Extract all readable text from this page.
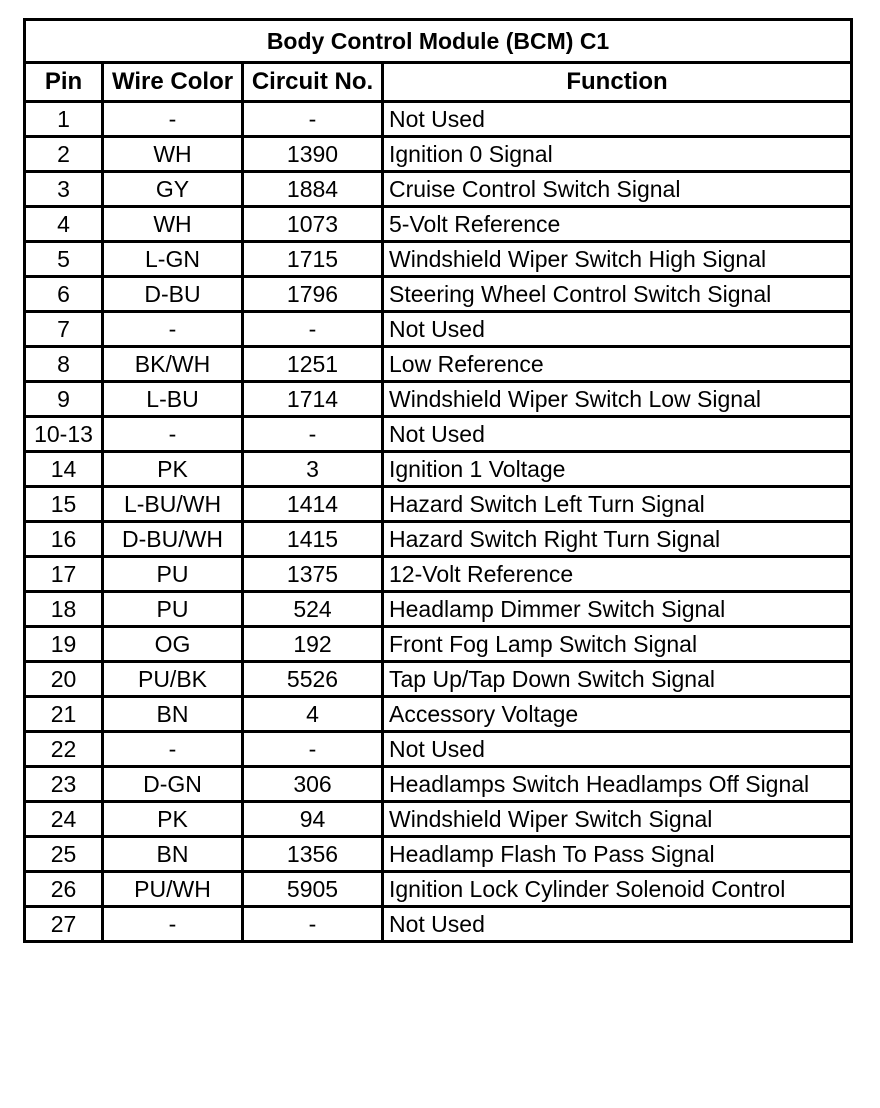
Body Control Module (BCM) C1			
Pin	Wire Color	Circuit No.	Function
1	-	-	Not Used
2	WH	1390	Ignition 0 Signal
3	GY	1884	Cruise Control Switch Signal
4	WH	1073	5-Volt Reference
5	L-GN	1715	Windshield Wiper Switch High Signal
6	D-BU	1796	Steering Wheel Control Switch Signal
7	-	-	Not Used
8	BK/WH	1251	Low Reference
9	L-BU	1714	Windshield Wiper Switch Low Signal
10-13	-	-	Not Used
14	PK	3	Ignition 1 Voltage
15	L-BU/WH	1414	Hazard Switch Left Turn Signal
16	D-BU/WH	1415	Hazard Switch Right Turn Signal
17	PU	1375	12-Volt Reference
18	PU	524	Headlamp Dimmer Switch Signal
19	OG	192	Front Fog Lamp Switch Signal
20	PU/BK	5526	Tap Up/Tap Down Switch Signal
21	BN	4	Accessory Voltage
22	-	-	Not Used
23	D-GN	306	Headlamps Switch Headlamps Off Signal
24	PK	94	Windshield Wiper Switch Signal
25	BN	1356	Headlamp Flash To Pass Signal
26	PU/WH	5905	Ignition Lock Cylinder Solenoid Control
27	-	-	Not Used
